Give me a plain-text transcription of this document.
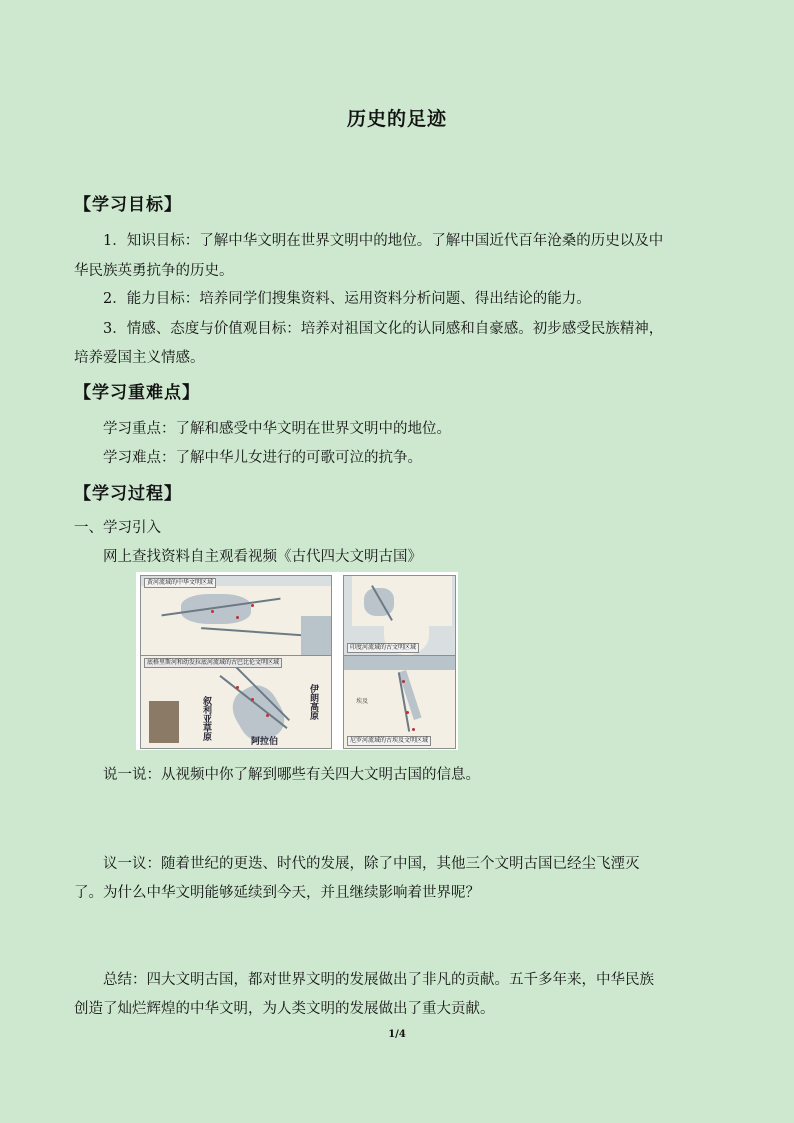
历史的足迹
【学习目标】
1．知识目标：了解中华文明在世界文明中的地位。了解中国近代百年沧桑的历史以及中
华民族英勇抗争的历史。
2．能力目标：培养同学们搜集资料、运用资料分析问题、得出结论的能力。
3．情感、态度与价值观目标：培养对祖国文化的认同感和自豪感。初步感受民族精神，
培养爱国主义情感。
【学习重难点】
学习重点：了解和感受中华文明在世界文明中的地位。
学习难点：了解中华儿女进行的可歌可泣的抗争。
【学习过程】
一、学习引入
网上查找资料自主观看视频《古代四大文明古国》
黄河流域的中华文明区域
印度河流域的古文明区域
叙利亚草原	伊朗高原
阿拉伯
底格里斯河和幼发拉底河流域的古巴比伦文明区域
埃及
尼罗河流域的古埃及文明区域
说一说：从视频中你了解到哪些有关四大文明古国的信息。
议一议：随着世纪的更迭、时代的发展，除了中国，其他三个文明古国已经尘飞湮灭
了。为什么中华文明能够延续到今天，并且继续影响着世界呢？
总结：四大文明古国，都对世界文明的发展做出了非凡的贡献。五千多年来，中华民族
创造了灿烂辉煌的中华文明，为人类文明的发展做出了重大贡献。
1/4
